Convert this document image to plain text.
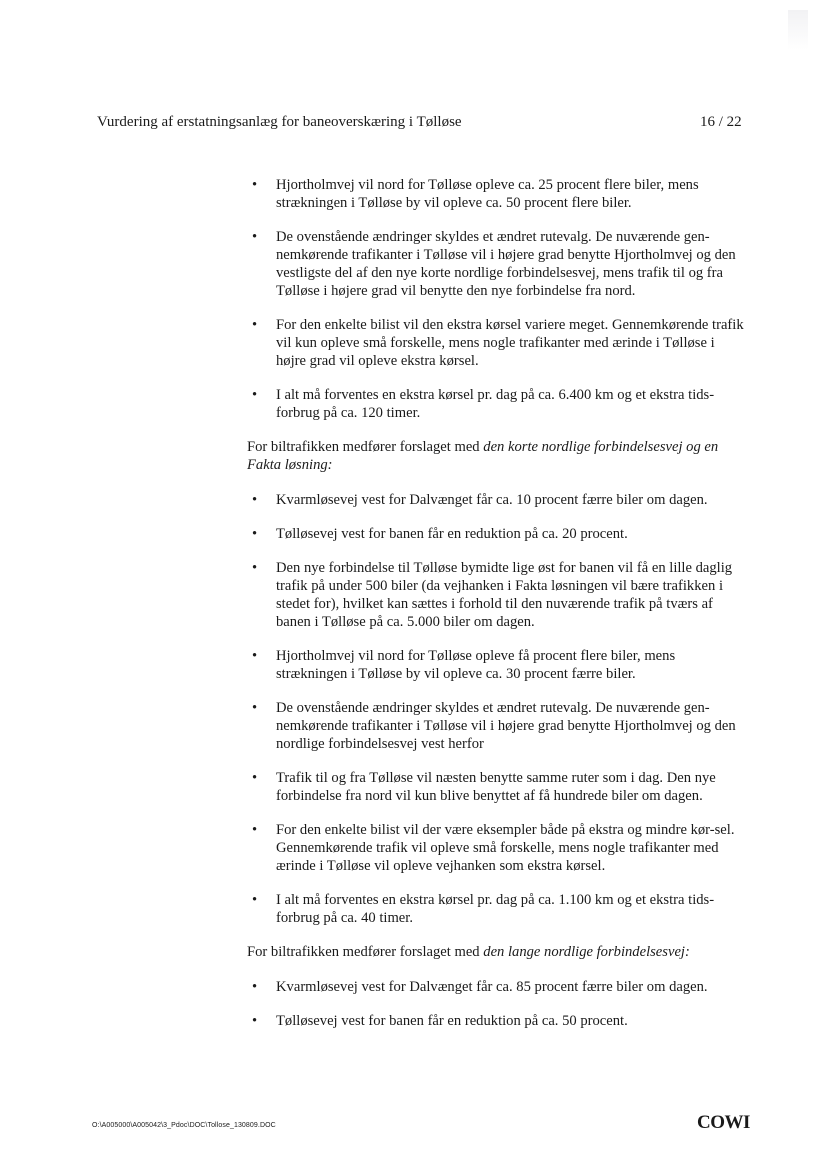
Vurdering af erstatningsanlæg for baneoverskæring i Tølløse	16 / 22
• Hjortholmvej vil nord for Tølløse opleve ca. 25 procent flere biler, mens strækningen i Tølløse by vil opleve ca. 50 procent flere biler.
• De ovenstående ændringer skyldes et ændret rutevalg. De nuværende gen-nemkørende trafikanter i Tølløse vil i højere grad benytte Hjortholmvej og den vestligste del af den nye korte nordlige forbindelsesvej, mens trafik til og fra Tølløse i højere grad vil benytte den nye forbindelse fra nord.
• For den enkelte bilist vil den ekstra kørsel variere meget. Gennemkørende trafik vil kun opleve små forskelle, mens nogle trafikanter med ærinde i Tølløse i højre grad vil opleve ekstra kørsel.
• I alt må forventes en ekstra kørsel pr. dag på ca. 6.400 km og et ekstra tids-forbrug på ca. 120 timer.

For biltrafikken medfører forslaget med den korte nordlige forbindelsesvej og en Fakta løsning:

• Kvarmløsevej vest for Dalvænget får ca. 10 procent færre biler om dagen.
• Tølløsevej vest for banen får en reduktion på ca. 20 procent.
• Den nye forbindelse til Tølløse bymidte lige øst for banen vil få en lille daglig trafik på under 500 biler (da vejhanken i Fakta løsningen vil bære trafikken i stedet for), hvilket kan sættes i forhold til den nuværende trafik på tværs af banen i Tølløse på ca. 5.000 biler om dagen.
• Hjortholmvej vil nord for Tølløse opleve få procent flere biler, mens strækningen i Tølløse by vil opleve ca. 30 procent færre biler.
• De ovenstående ændringer skyldes et ændret rutevalg. De nuværende gen-nemkørende trafikanter i Tølløse vil i højere grad benytte Hjortholmvej og den nordlige forbindelsesvej vest herfor
• Trafik til og fra Tølløse vil næsten benytte samme ruter som i dag. Den nye forbindelse fra nord vil kun blive benyttet af få hundrede biler om dagen.
• For den enkelte bilist vil der være eksempler både på ekstra og mindre kør-sel. Gennemkørende trafik vil opleve små forskelle, mens nogle trafikanter med ærinde i Tølløse vil opleve vejhanken som ekstra kørsel.
• I alt må forventes en ekstra kørsel pr. dag på ca. 1.100 km og et ekstra tids-forbrug på ca. 40 timer.

For biltrafikken medfører forslaget med den lange nordlige forbindelsesvej:

• Kvarmløsevej vest for Dalvænget får ca. 85 procent færre biler om dagen.
• Tølløsevej vest for banen får en reduktion på ca. 50 procent.
O:\A005000\A005042\3_Pdoc\DOC\Tollose_130809.DOC	COWI
